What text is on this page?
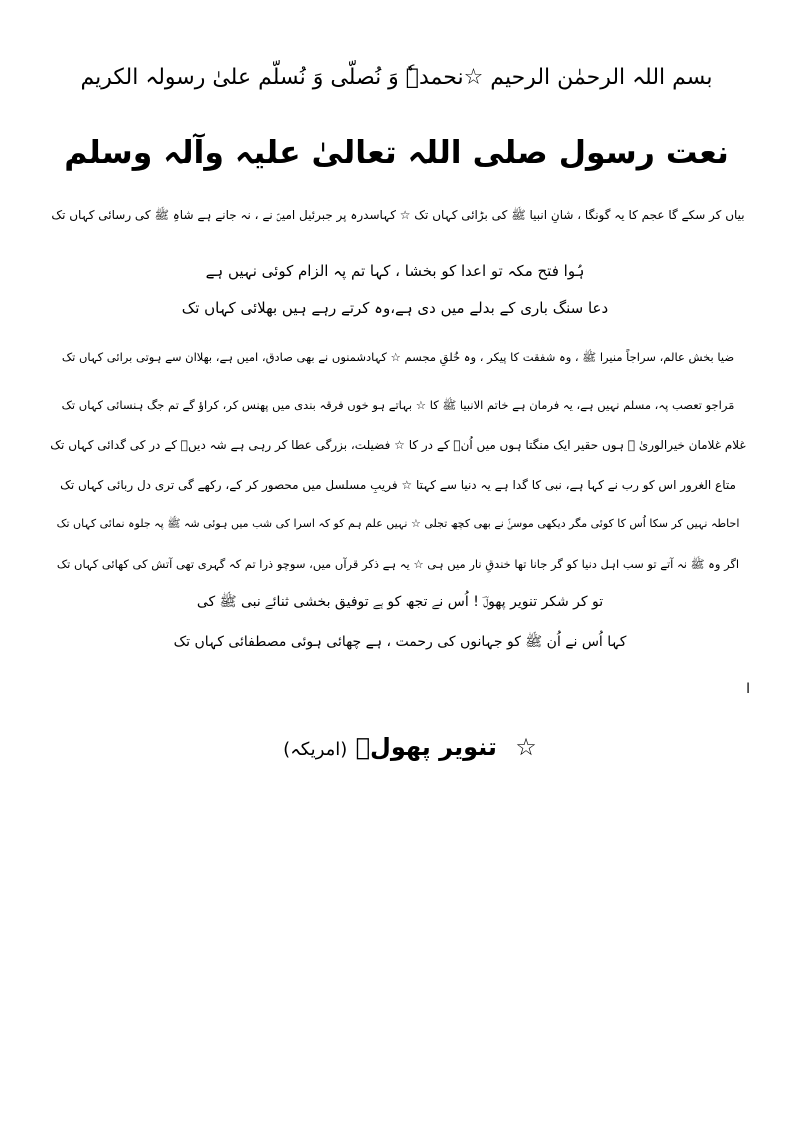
بسم اللہ الرحمٰن الرحیم ☆نحمدہٗ وَ نُصلّی وَ نُسلّم علیٰ رسولہ الکریم
نعت رسول صلی اللہ تعالیٰ علیہ وآلہ وسلم
بیاں کر سکے گا عجم کا یہ گونگا ، شانِ انبیا ﷺ کی بڑائی کہاں تک ☆ کہاسدرہ پر جبرئیل امیںؑ نے ، نہ جانے ہے شاہِ ﷺ کی رسائی کہاں تک
ہُوا فتح مکہ تو اعدا کو بخشا ، کہا تم پہ الزام کوئی نہیں ہے
دعا سنگ باری کے بدلے میں دی ہے،وہ کرتے رہے ہیں بھلائی کہاں تک
ضیا بخش عالم، سراجاً منیرا ﷺ ، وہ شفقت کا پیکر ، وہ خُلقِ مجسم ☆ کہادشمنوں نے بھی صادق، امیں ہے، بھلاان سے ہوتی برائی کہاں تک
مَراجو تعصب پہ، مسلم نہیں ہے، یہ فرمان ہے خاتم الانبیا ﷺ کا ☆ بہاتے ہو خوں فرقہ بندی میں پھنس کر، کراؤ گے تم جگ ہنسائی کہاں تک
غلام غلامان خیرالوریٰ ﷺ ہوں حقیر ایک منگتا ہوں میں اُنؐ کے در کا ☆ فضیلت، بزرگی عطا کر رہی ہے شہ دیںؐ کے در کی گدائی کہاں تک
متاع الغرور اس کو رب نے کہا ہے، نبی کا گدا ہے یہ دنیا سے کہتا ☆ فریبِ مسلسل میں محصور کر کے، رکھے گی تری دل ربائی کہاں تک
احاطہ نہیں کر سکا اُس کا کوئی مگر دیکھی موسیٰؑ نے بھی کچھ تجلی ☆ نہیں علم ہم کو کہ اسرا کی شب میں ہوئی شہ ﷺ پہ جلوہ نمائی کہاں تک
اگر وہ ﷺ نہ آتے تو سب اہل دنیا کو گر جانا تھا خندقِ نار میں ہی ☆ یہ ہے ذکر قرآں میں، سوچو ذرا تم کہ گہری تھی آتش کی کھائی کہاں تک
تو کر شکر تنویر پھولؔ ! اُس نے تجھ کو ہے توفیق بخشی ثنائے نبی ﷺ کی
کہا اُس نے اُن ﷺ کو جہانوں کی رحمت ، ہے چھائی ہوئی مصطفائی کہاں تک
ا
☆ تنویر پھولؔ (امریکہ)
